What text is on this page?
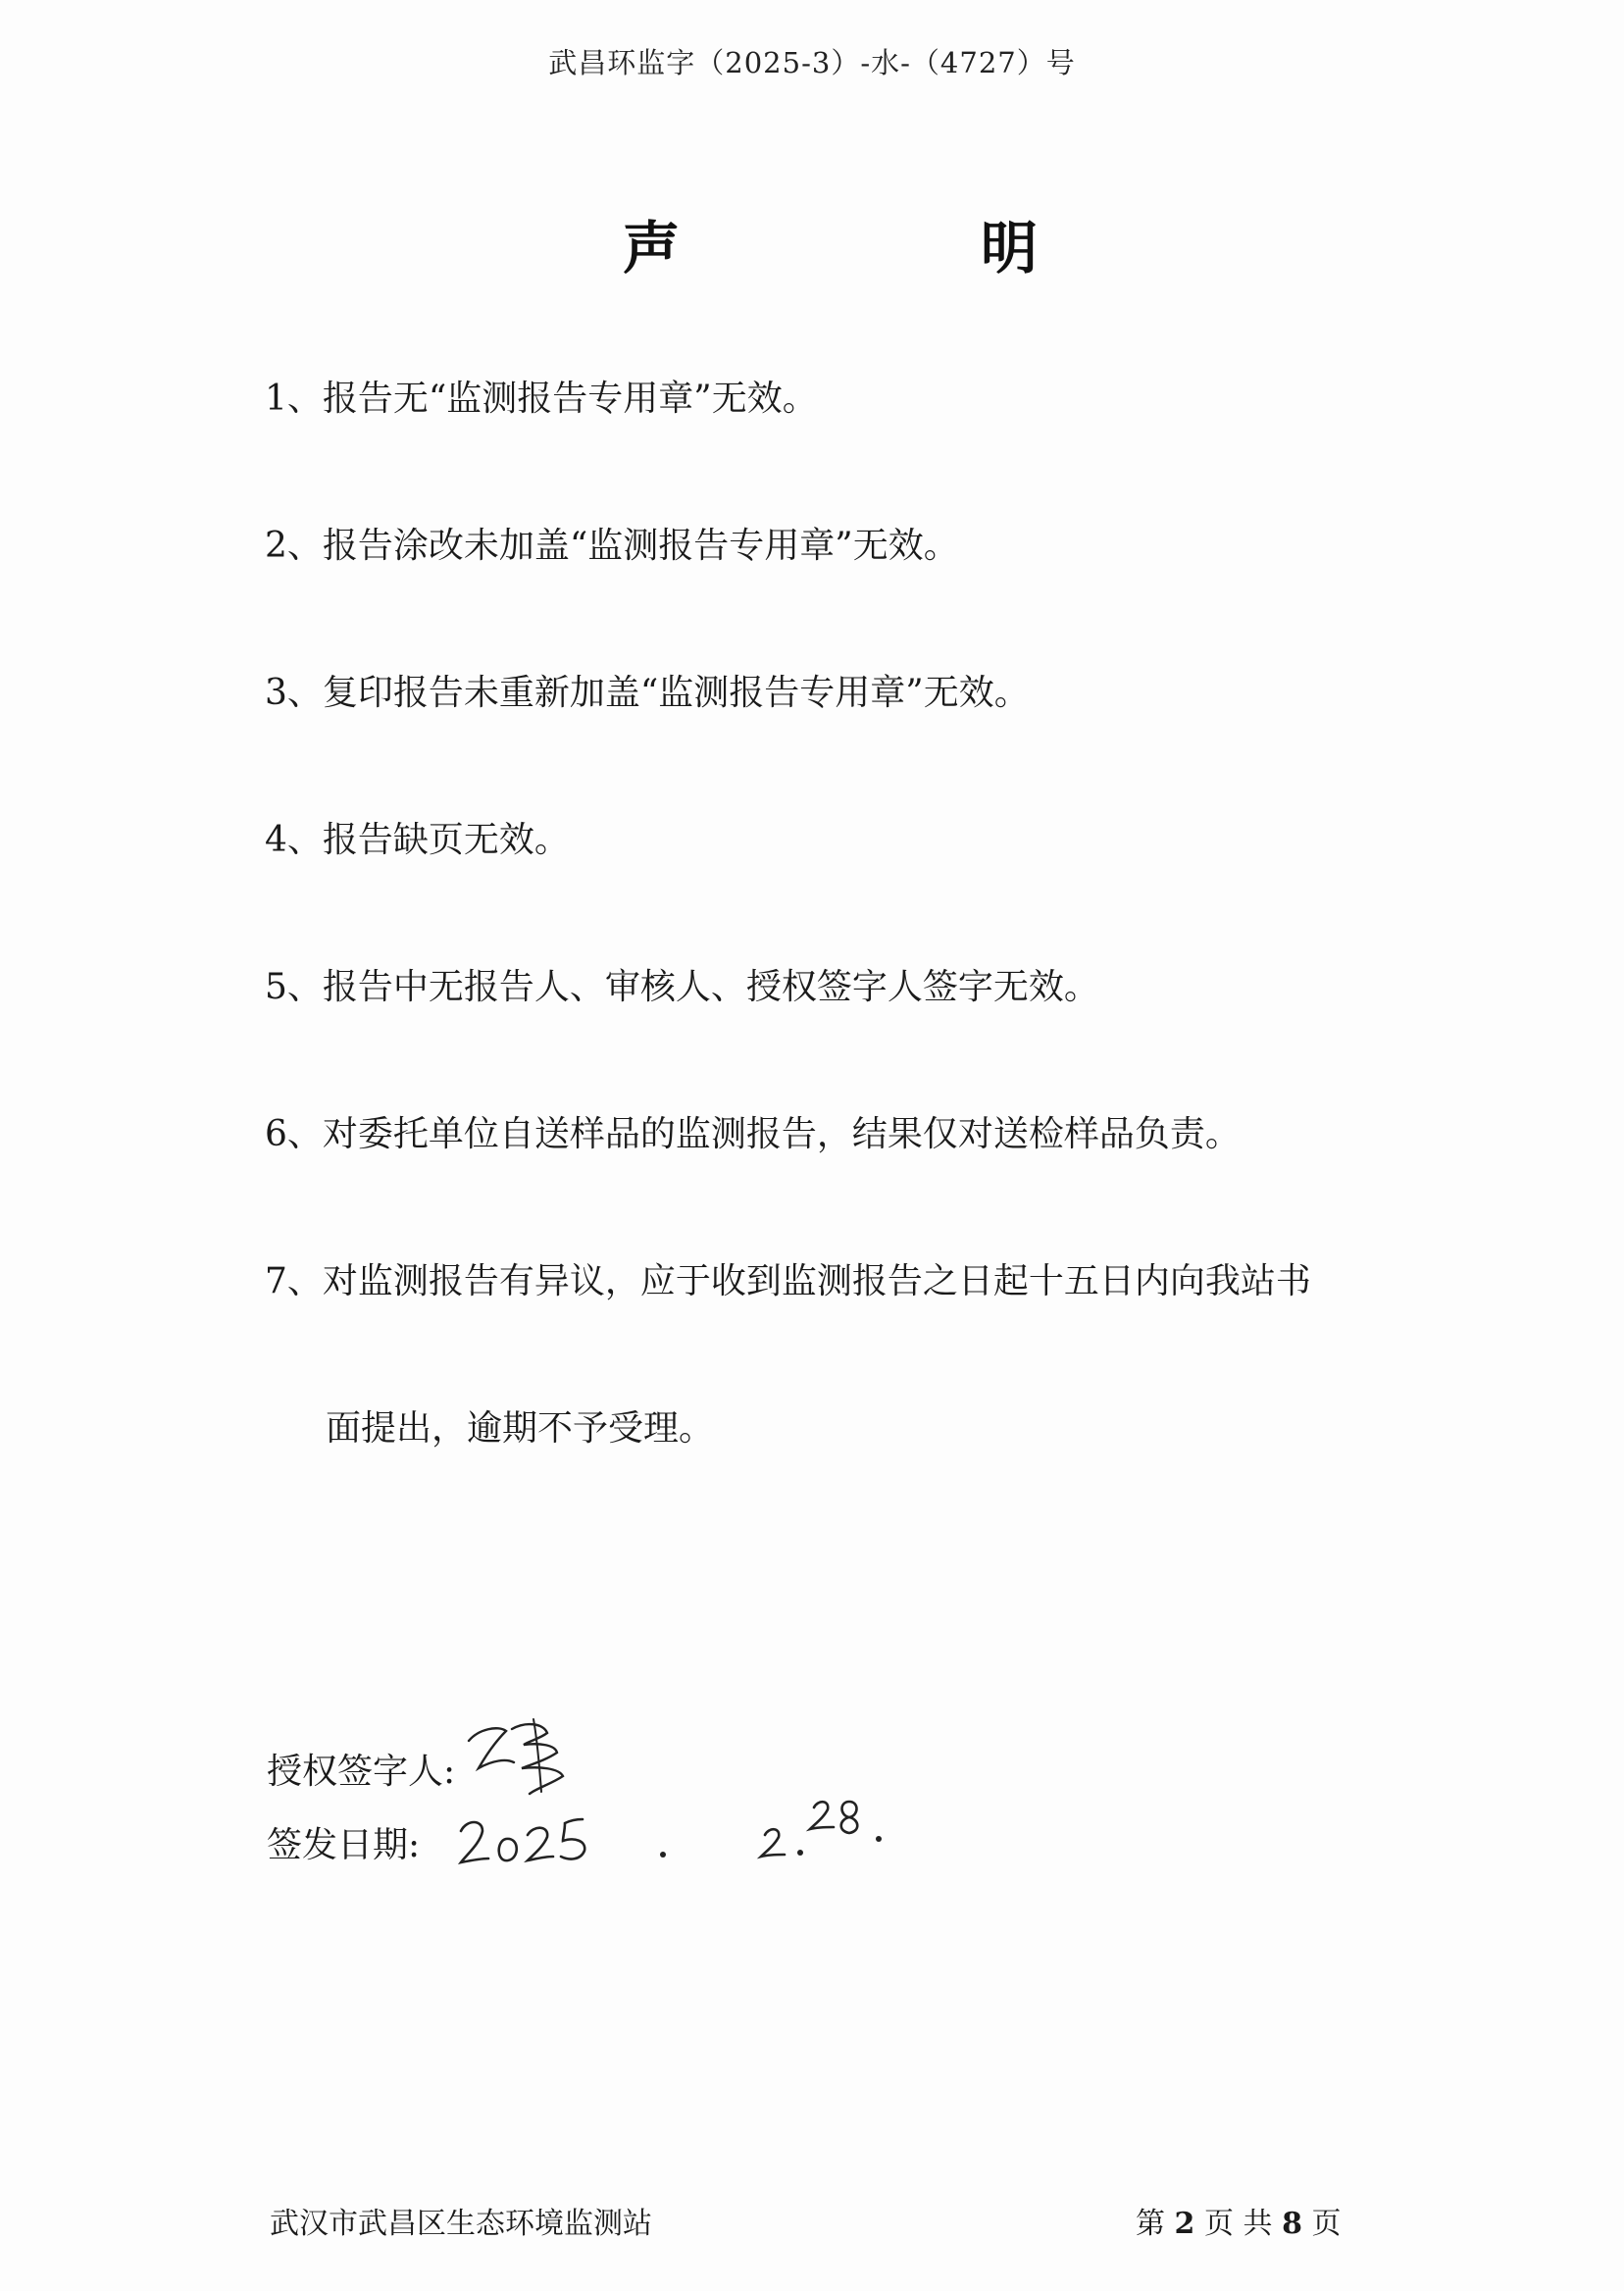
武昌环监字（2025-3）-水-（4727）号
声	明
1、报告无“监测报告专用章”无效。
2、报告涂改未加盖“监测报告专用章”无效。
3、复印报告未重新加盖“监测报告专用章”无效。
4、报告缺页无效。
5、报告中无报告人、审核人、授权签字人签字无效。
6、对委托单位自送样品的监测报告，结果仅对送检样品负责。
7、对监测报告有异议，应于收到监测报告之日起十五日内向我站书
面提出，逾期不予受理。
授权签字人:
签发日期:
武汉市武昌区生态环境监测站	第 2 页 共 8 页
